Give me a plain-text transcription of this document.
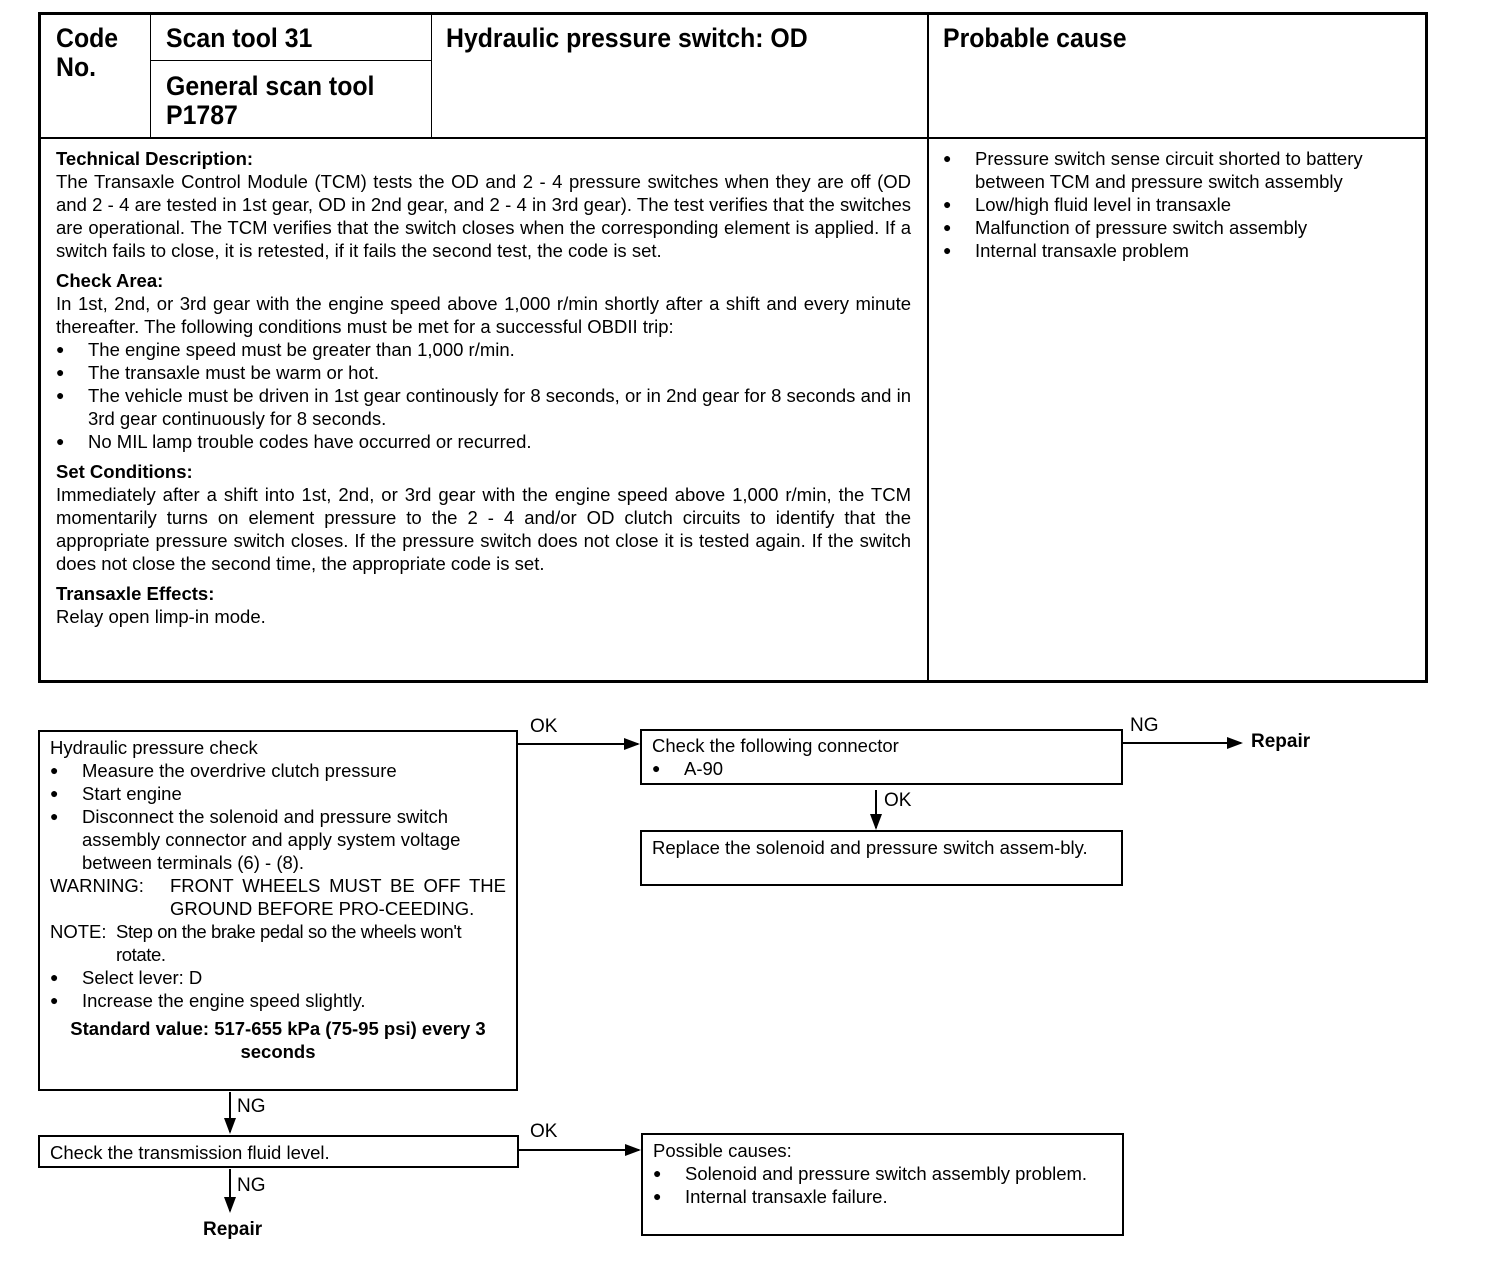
Code No.
Scan tool 31
General scan tool P1787
Hydraulic pressure switch: OD	Probable cause
Technical Description:
The Transaxle Control Module (TCM) tests the OD and 2 - 4 pressure switches when they are off (OD and 2 - 4 are tested in 1st gear, OD in 2nd gear, and 2 - 4 in 3rd gear). The test verifies that the switches are operational. The TCM verifies that the switch closes when the corresponding element is applied. If a switch fails to close, it is retested, if it fails the second test, the code is set.
Check Area:
In 1st, 2nd, or 3rd gear with the engine speed above 1,000 r/min shortly after a shift and every minute thereafter. The following conditions must be met for a successful OBDII trip:
● The engine speed must be greater than 1,000 r/min.
● The transaxle must be warm or hot.
● The vehicle must be driven in 1st gear continously for 8 seconds, or in 2nd gear for 8 seconds and in 3rd gear continuously for 8 seconds.
● No MIL lamp trouble codes have occurred or recurred.
Set Conditions:
Immediately after a shift into 1st, 2nd, or 3rd gear with the engine speed above 1,000 r/min, the TCM momentarily turns on element pressure to the 2 - 4 and/or OD clutch circuits to identify that the appropriate pressure switch closes. If the pressure switch does not close it is tested again. If the switch does not close the second time, the appropriate code is set.
Transaxle Effects:
Relay open limp-in mode.
● Pressure switch sense circuit shorted to battery between TCM and pressure switch assembly
● Low/high fluid level in transaxle
● Malfunction of pressure switch assembly
● Internal transaxle problem
Hydraulic pressure check
● Measure the overdrive clutch pressure
● Start engine
● Disconnect the solenoid and pressure switch assembly connector and apply system voltage between terminals (6) - (8).
WARNING:	FRONT WHEELS MUST BE OFF THE GROUND BEFORE PRO-CEEDING.
NOTE: Step on the brake pedal so the wheels won't rotate.
● Select lever: D
● Increase the engine speed slightly.
Standard value: 517-655 kPa (75-95 psi) every 3 seconds
OK
Check the following connector
● A-90
NG
Repair
OK
Replace the solenoid and pressure switch assem-bly.
NG
Check the transmission fluid level.
OK
NG
Repair
Possible causes:
● Solenoid and pressure switch assembly problem.
● Internal transaxle failure.
